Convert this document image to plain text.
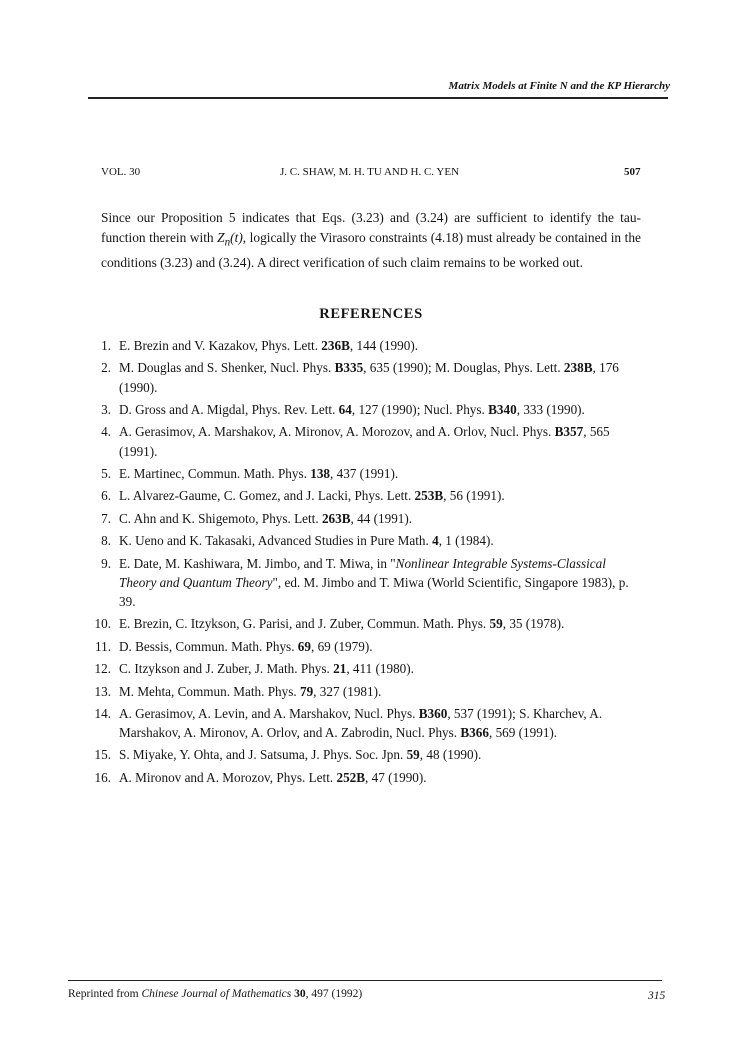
Matrix Models at Finite N and the KP Hierarchy
VOL. 30	J. C. SHAW, M. H. TU AND H. C. YEN	507

Since our Proposition 5 indicates that Eqs. (3.23) and (3.24) are sufficient to identify the tau-function therein with $Z_n(t)$, logically the Virasoro constraints (4.18) must already be contained in the conditions (3.23) and (3.24). A direct verification of such claim remains to be worked out.

REFERENCES
1. E. Brezin and V. Kazakov, Phys. Lett. 236B, 144 (1990).
2. M. Douglas and S. Shenker, Nucl. Phys. B335, 635 (1990); M. Douglas, Phys. Lett. 238B, 176 (1990).
3. D. Gross and A. Migdal, Phys. Rev. Lett. 64, 127 (1990); Nucl. Phys. B340, 333 (1990).
4. A. Gerasimov, A. Marshakov, A. Mironov, A. Morozov, and A. Orlov, Nucl. Phys. B357, 565 (1991).
5. E. Martinec, Commun. Math. Phys. 138, 437 (1991).
6. L. Alvarez-Gaume, C. Gomez, and J. Lacki, Phys. Lett. 253B, 56 (1991).
7. C. Ahn and K. Shigemoto, Phys. Lett. 263B, 44 (1991).
8. K. Ueno and K. Takasaki, Advanced Studies in Pure Math. 4, 1 (1984).
9. E. Date, M. Kashiwara, M. Jimbo, and T. Miwa, in "Nonlinear Integrable Systems-Classical Theory and Quantum Theory", ed. M. Jimbo and T. Miwa (World Scientific, Singapore 1983), p. 39.
10. E. Brezin, C. Itzykson, G. Parisi, and J. Zuber, Commun. Math. Phys. 59, 35 (1978).
11. D. Bessis, Commun. Math. Phys. 69, 69 (1979).
12. C. Itzykson and J. Zuber, J. Math. Phys. 21, 411 (1980).
13. M. Mehta, Commun. Math. Phys. 79, 327 (1981).
14. A. Gerasimov, A. Levin, and A. Marshakov, Nucl. Phys. B360, 537 (1991); S. Kharchev, A. Marshakov, A. Mironov, A. Orlov, and A. Zabrodin, Nucl. Phys. B366, 569 (1991).
15. S. Miyake, Y. Ohta, and J. Satsuma, J. Phys. Soc. Jpn. 59, 48 (1990).
16. A. Mironov and A. Morozov, Phys. Lett. 252B, 47 (1990).
Reprinted from Chinese Journal of Mathematics 30, 497 (1992)	315
